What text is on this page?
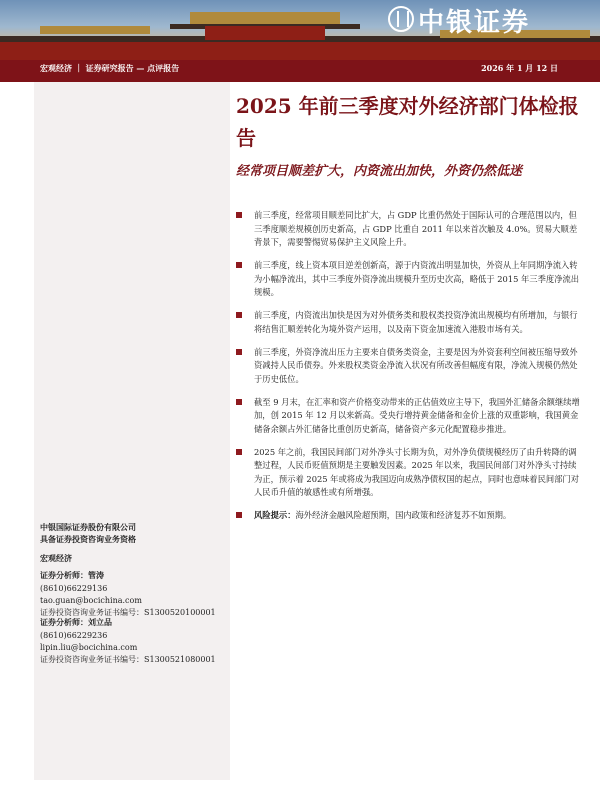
中银证券
宏观经济 ｜ 证券研究报告 — 点评报告	2026 年 1 月 12 日
2025 年前三季度对外经济部门体检报告
经常项目顺差扩大，内资流出加快，外资仍然低迷
前三季度，经常项目顺差同比扩大，占 GDP 比重仍然处于国际认可的合理范围以内，但三季度顺差规模创历史新高，占 GDP 比重自 2011 年以来首次触及 4.0%。贸易大顺差背景下，需要警惕贸易保护主义风险上升。
前三季度，线上资本项目逆差创新高，源于内资流出明显加快，外资从上年同期净流入转为小幅净流出，其中三季度外资净流出规模升至历史次高，略低于 2015 年三季度净流出规模。
前三季度，内资流出加快是因为对外债务类和股权类投资净流出规模均有所增加，与银行将结售汇顺差转化为境外资产运用，以及南下资金加速流入港股市场有关。
前三季度，外资净流出压力主要来自债务类资金，主要是因为外资套利空间被压缩导致外资减持人民币债券。外来股权类资金净流入状况有所改善但幅度有限，净流入规模仍然处于历史低位。
截至 9 月末，在汇率和资产价格变动带来的正估值效应主导下，我国外汇储备余额继续增加，创 2015 年 12 月以来新高。受央行增持黄金储备和金价上涨的双重影响，我国黄金储备余额占外汇储备比重创历史新高，储备资产多元化配置稳步推进。
2025 年之前，我国民间部门对外净头寸长期为负，对外净负债规模经历了由升转降的调整过程，人民币贬值预期是主要触发因素。2025 年以来，我国民间部门对外净头寸持续为正，预示着 2025 年或将成为我国迈向成熟净债权国的起点，同时也意味着民间部门对人民币升值的敏感性或有所增强。
风险提示：海外经济金融风险超预期，国内政策和经济复苏不如预期。
中银国际证券股份有限公司
具备证券投资咨询业务资格
宏观经济
证券分析师：管涛
(8610)66229136
tao.guan@bocichina.com
证券投资咨询业务证书编号：S1300520100001
证券分析师：刘立品
(8610)66229236
lipin.liu@bocichina.com
证券投资咨询业务证书编号：S1300521080001
